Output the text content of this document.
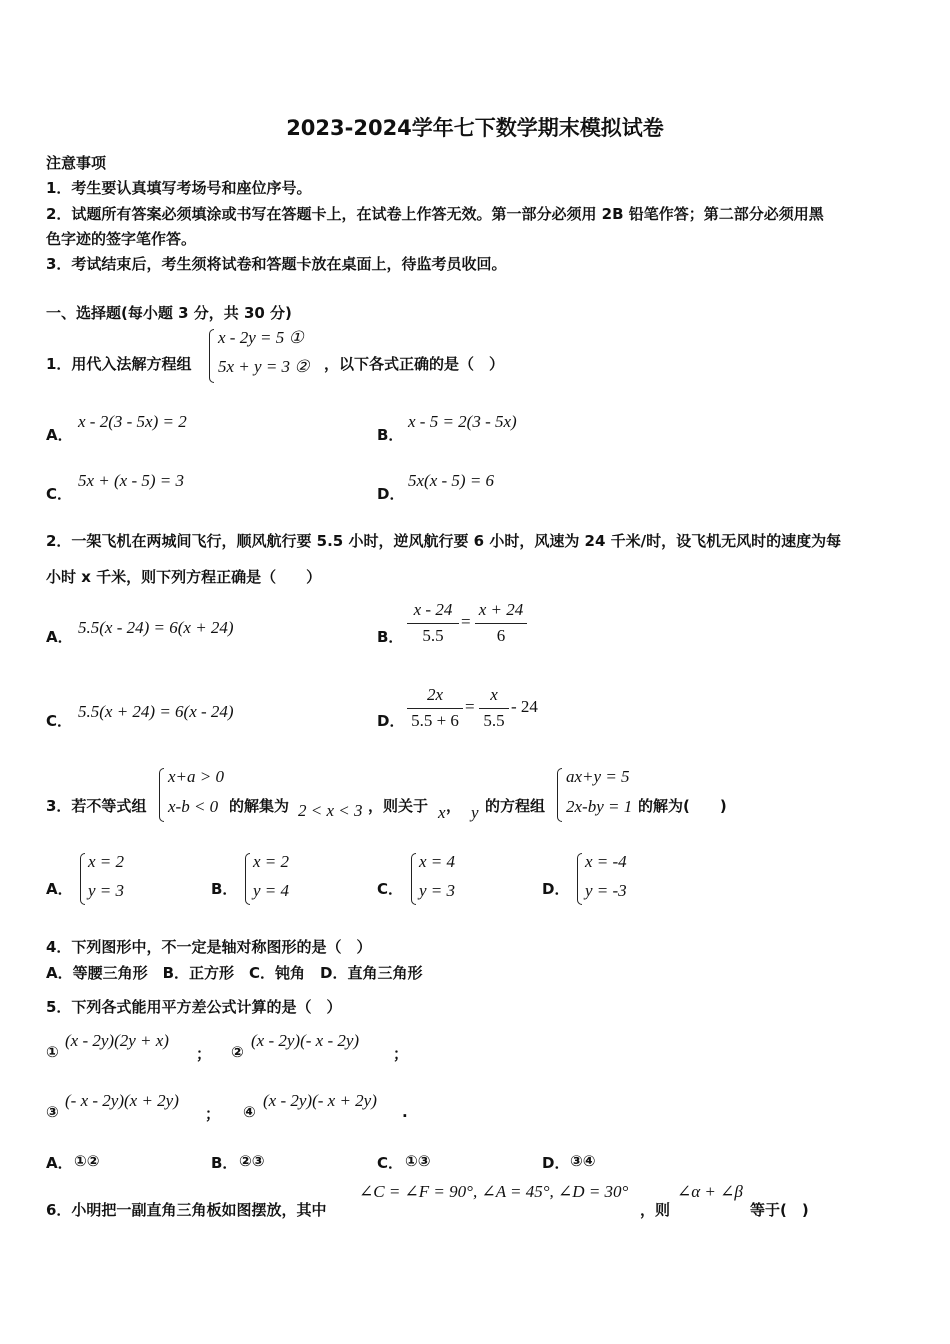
2023-2024学年七下数学期末模拟试卷
注意事项
1．考生要认真填写考场号和座位序号。
2．试题所有答案必须填涂或书写在答题卡上，在试卷上作答无效。第一部分必须用 2B 铅笔作答；第二部分必须用黑
色字迹的签字笔作答。
3．考试结束后，考生须将试卷和答题卡放在桌面上，待监考员收回。
一、选择题(每小题 3 分，共 30 分)
1．用代入法解方程组
x - 2y = 5 ①
5x + y = 3 ② ，以下各式正确的是（　）
A．
x - 2(3 - 5x) = 2
B．
x - 5 = 2(3 - 5x)
C．
5x + (x - 5) = 3
D．
5x(x - 5) = 6
2．一架飞机在两城间飞行，顺风航行要 5.5 小时，逆风航行要 6 小时，风速为 24 千米/时，设飞机无风时的速度为每
小时 x 千米，则下列方程正确是（　　）
A． 5.5(x - 24) = 6(x + 24)	B．
x - 24
5.5
=
x + 24
6
C． 5.5(x + 24) = 6(x - 24)	D．
2x
5.5 + 6
=
x
5.5
- 24
3．若不等式组
x+a > 0
x-b < 0 的解集为 2 < x < 3 ，则关于 x ， y 的方程组
ax+y = 5
2x-by = 1 的解为(　　)
A．
x = 2
y = 3	B．
x = 2
y = 4	C．
x = 4
y = 3	D．
x = -4
y = -3
4．下列图形中，不一定是轴对称图形的是（　）
A．等腰三角形　B．正方形　C．钝角　D．直角三角形
5．下列各式能用平方差公式计算的是（　）
①
(x - 2y)(2y + x)
； ②
(x - 2y)(- x - 2y)
；
③
(- x - 2y)(x + 2y)
； ④
(x - 2y)(- x + 2y)
.
A． ①②	B． ②③	C． ①③	D． ③④
6．小明把一副直角三角板如图摆放，其中
∠C = ∠F = 90°, ∠A = 45°, ∠D = 30°
，则
∠α + ∠β
等于(　)
